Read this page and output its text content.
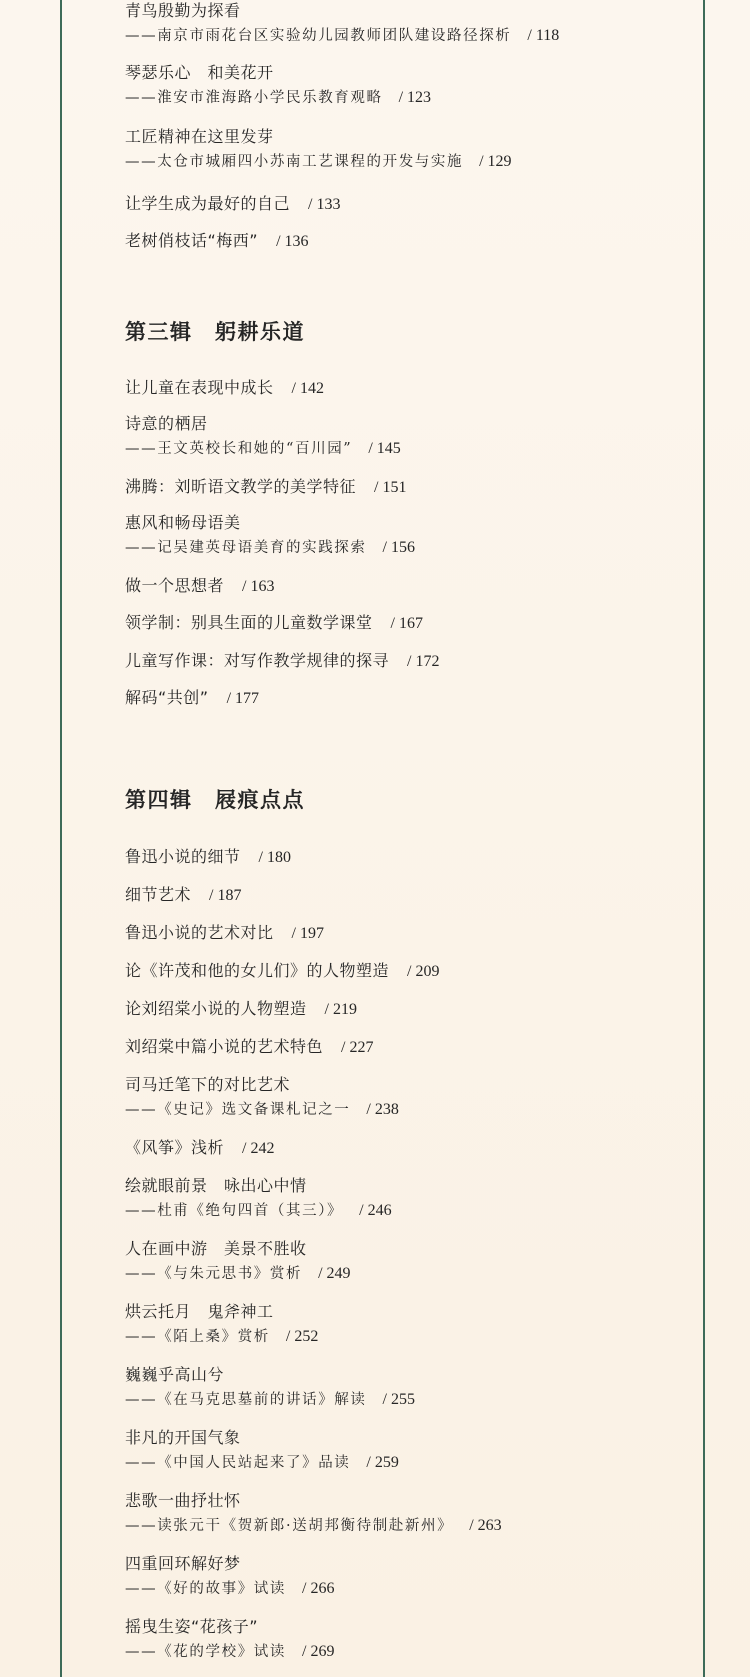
青鸟殷勤为探看
——南京市雨花台区实验幼儿园教师团队建设路径探析 / 118
琴瑟乐心　和美花开
——淮安市淮海路小学民乐教育观略 / 123
工匠精神在这里发芽
——太仓市城厢四小苏南工艺课程的开发与实施 / 129
让学生成为最好的自己 / 133
老树俏枝话“梅西” / 136
第三辑　躬耕乐道
让儿童在表现中成长 / 142
诗意的栖居
——王文英校长和她的“百川园” / 145
沸腾：刘昕语文教学的美学特征 / 151
惠风和畅母语美
——记吴建英母语美育的实践探索 / 156
做一个思想者 / 163
领学制：别具生面的儿童数学课堂 / 167
儿童写作课：对写作教学规律的探寻 / 172
解码“共创” / 177
第四辑　屐痕点点
鲁迅小说的细节 / 180
细节艺术 / 187
鲁迅小说的艺术对比 / 197
论《许茂和他的女儿们》的人物塑造 / 209
论刘绍棠小说的人物塑造 / 219
刘绍棠中篇小说的艺术特色 / 227
司马迁笔下的对比艺术
——《史记》选文备课札记之一 / 238
《风筝》浅析 / 242
绘就眼前景　咏出心中情
——杜甫《绝句四首（其三）》 / 246
人在画中游　美景不胜收
——《与朱元思书》赏析 / 249
烘云托月　鬼斧神工
——《陌上桑》赏析 / 252
巍巍乎高山兮
——《在马克思墓前的讲话》解读 / 255
非凡的开国气象
——《中国人民站起来了》品读 / 259
悲歌一曲抒壮怀
——读张元干《贺新郎·送胡邦衡待制赴新州》 / 263
四重回环解好梦
——《好的故事》试读 / 266
摇曳生姿“花孩子”
——《花的学校》试读 / 269
